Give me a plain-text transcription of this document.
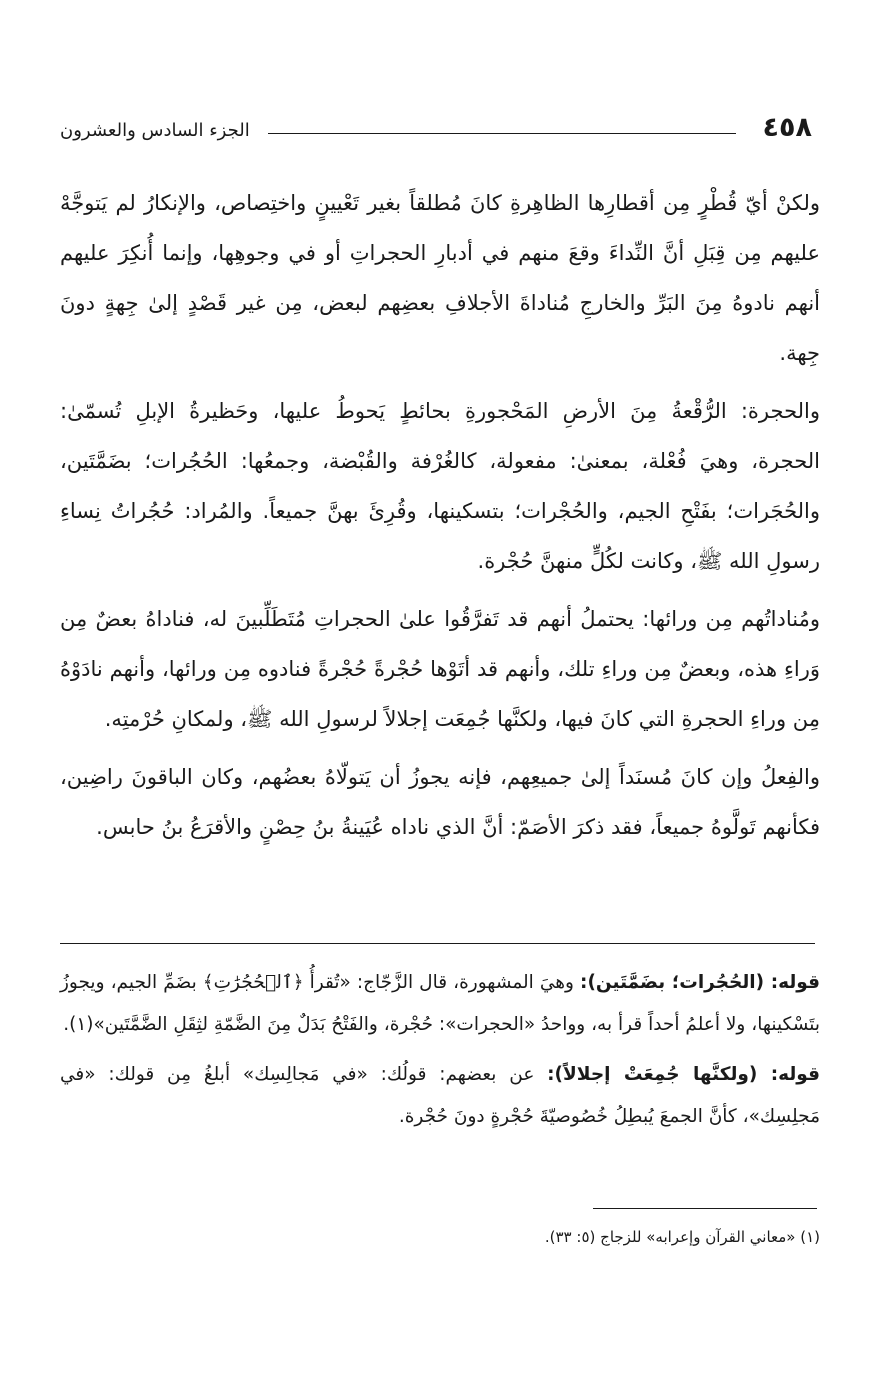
٤٥٨
الجزء السادس والعشرون

ولكنْ أيّ قُطْرٍ مِن أقطارِها الظاهِرةِ كانَ مُطلقاً بغير تَعْيينٍ واختِصاص، والإنكارُ لم يَتوجَّهْ عليهم مِن قِبَلِ أنَّ النِّداءَ وقعَ منهم في أدبارِ الحجراتِ أو في وجوهِها، وإنما أُنكِرَ عليهم أنهم نادوهُ مِنَ البَرِّ والخارجِ مُناداةَ الأجلافِ بعضِهم لبعض، مِن غير قَصْدٍ إلىٰ جِهةٍ دونَ جِهة.

والحجرة: الرُّقْعةُ مِنَ الأرضِ المَحْجورةِ بحائطٍ يَحوطُ عليها، وحَظيرةُ الإبلِ تُسمّىٰ: الحجرة، وهيَ فُعْلة، بمعنىٰ: مفعولة، كالغُرْفة والقُبْضة، وجمعُها: الحُجُرات؛ بضَمَّتَين، والحُجَرات؛ بفَتْحِ الجيم، والحُجْرات؛ بتسكينها، وقُرِئَ بهنَّ جميعاً. والمُراد: حُجُراتُ نِساءِ رسولِ الله ﷺ، وكانت لكُلٍّ منهنَّ حُجْرة.

ومُناداتُهم مِن ورائها: يحتملُ أنهم قد تَفرَّقُوا علىٰ الحجراتِ مُتَطَلِّبينَ له، فناداهُ بعضٌ مِن وَراءِ هذه، وبعضٌ مِن وراءِ تلك، وأنهم قد أتَوْها حُجْرةً حُجْرةً فنادوه مِن ورائها، وأنهم نادَوْهُ مِن وراءِ الحجرةِ التي كانَ فيها، ولكنَّها جُمِعَت إجلالاً لرسولِ الله ﷺ، ولمكانِ حُرْمتِه.

والفِعلُ وإن كانَ مُسنَداً إلىٰ جميعِهم، فإنه يجوزُ أن يَتولّاهُ بعضُهم، وكان الباقونَ راضِين، فكأنهم تَولَّوهُ جميعاً، فقد ذكرَ الأصَمّ: أنَّ الذي ناداه عُيَينةُ بنُ حِصْنٍ والأقرَعُ بنُ حابس.

قوله: (الحُجُرات؛ بضَمَّتَين): وهيَ المشهورة، قال الزَّجّاج: «تُقرأُ ﴿ٱلۡحُجُرَٰتِ﴾ بضَمِّ الجيم، ويجوزُ بتَسْكينها، ولا أعلمُ أحداً قرأ به، وواحدُ «الحجرات»: حُجْرة، والفَتْحُ بَدَلٌ مِنَ الضَّمّةِ لثِقَلِ الضَّمَّتَين»(١).

قوله: (ولكنَّها جُمِعَتْ إجلالاً): عن بعضهم: قولُك: «في مَجالِسِك» أبلغُ مِن قولك: «في مَجلِسِك»، كأنَّ الجمعَ يُبطِلُ خُصُوصيّةَ حُجْرةٍ دونَ حُجْرة.

(١) «معاني القرآن وإعرابه» للزجاج (٥: ٣٣).
